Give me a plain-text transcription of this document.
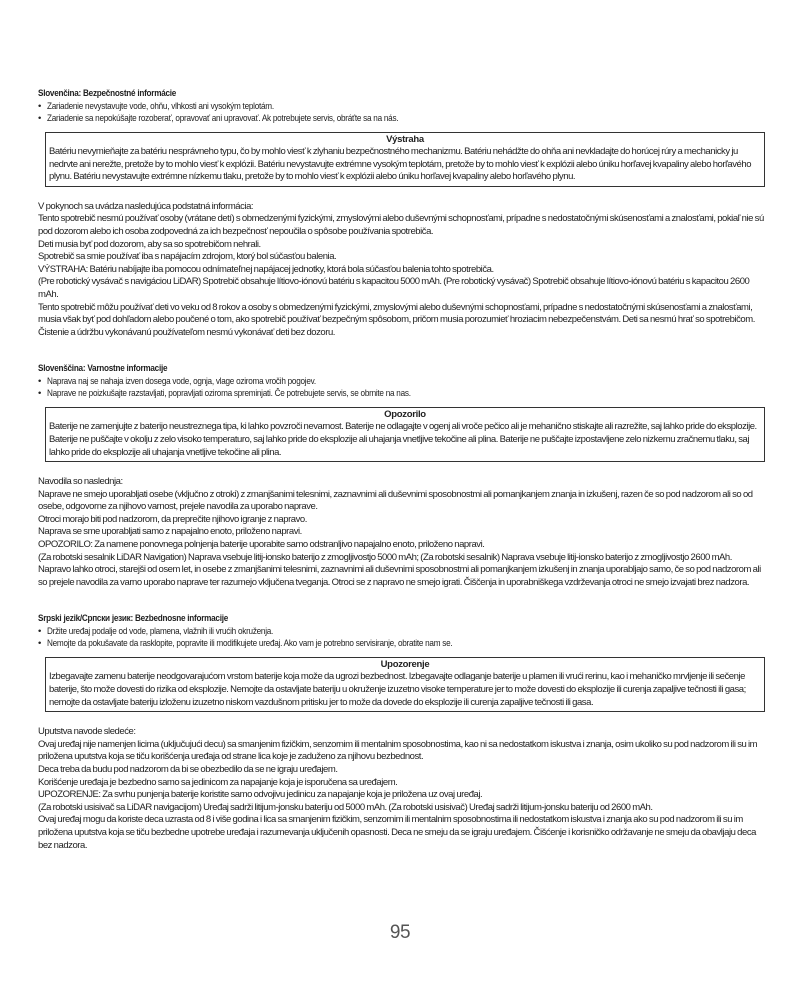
Slovenčina: Bezpečnostné informácie
• Zariadenie nevystavujte vode, ohňu, vlhkosti ani vysokým teplotám.
• Zariadenie sa nepokúšajte rozoberať, opravovať ani upravovať. Ak potrebujete servis, obráťte sa na nás.
Výstraha
Batériu nevymieňajte za batériu nesprávneho typu, čo by mohlo viesť k zlyhaniu bezpečnostného mechanizmu. Batériu nehádžte do ohňa ani nevkladajte do horúcej rúry a mechanicky ju nedrvte ani nerežte, pretože by to mohlo viesť k explózii. Batériu nevystavujte extrémne vysokým teplotám, pretože by to mohlo viesť k explózii alebo úniku horľavej kvapaliny alebo horľavého plynu. Batériu nevystavujte extrémne nízkemu tlaku, pretože by to mohlo viesť k explózii alebo úniku horľavej kvapaliny alebo horľavého plynu.

V pokynoch sa uvádza nasledujúca podstatná informácia:

Tento spotrebič nesmú používať osoby (vrátane detí) s obmedzenými fyzickými, zmyslovými alebo duševnými schopnosťami, prípadne s nedostatočnými skúsenosťami a znalosťami, pokiaľ nie sú pod dozorom alebo ich osoba zodpovedná za ich bezpečnosť nepoučila o spôsobe používania spotrebiča.

Deti musia byť pod dozorom, aby sa so spotrebičom nehrali.

Spotrebič sa smie používať iba s napájacím zdrojom, ktorý bol súčasťou balenia.

VÝSTRAHA: Batériu nabíjajte iba pomocou odnímateľnej napájacej jednotky, ktorá bola súčasťou balenia tohto spotrebiča.

(Pre robotický vysávač s navigáciou LiDAR) Spotrebič obsahuje lítiovo-iónovú batériu s kapacitou 5000 mAh. (Pre robotický vysávač) Spotrebič obsahuje lítiovo-iónovú batériu s kapacitou 2600 mAh.

Tento spotrebič môžu používať deti vo veku od 8 rokov a osoby s obmedzenými fyzickými, zmyslovými alebo duševnými schopnosťami, prípadne s nedostatočnými skúsenosťami a znalosťami, musia však byť pod dohľadom alebo poučené o tom, ako spotrebič používať bezpečným spôsobom, pričom musia porozumieť hroziacim nebezpečenstvám. Deti sa nesmú hrať so spotrebičom. Čistenie a údržbu vykonávanú používateľom nesmú vykonávať deti bez dozoru.

Slovenščina: Varnostne informacije
• Naprava naj se nahaja izven dosega vode, ognja, vlage oziroma vročih pogojev.
• Naprave ne poizkušajte razstavljati, popravljati oziroma spreminjati. Če potrebujete servis, se obrnite na nas.
Opozorilo
Baterije ne zamenjujte z baterijo neustreznega tipa, ki lahko povzroči nevarnost. Baterije ne odlagajte v ogenj ali vroče pečico ali je mehanično stiskajte ali razrežite, saj lahko pride do eksplozije. Baterije ne puščajte v okolju z zelo visoko temperaturo, saj lahko pride do eksplozije ali uhajanja vnetljive tekočine ali plina. Baterije ne puščajte izpostavljene zelo nizkemu zračnemu tlaku, saj lahko pride do eksplozije ali uhajanja vnetljive tekočine ali plina.

Navodila so naslednja:

Naprave ne smejo uporabljati osebe (vključno z otroki) z zmanjšanimi telesnimi, zaznavnimi ali duševnimi sposobnostmi ali pomanjkanjem znanja in izkušenj, razen če so pod nadzorom ali so od osebe, odgovorne za njihovo varnost, prejele navodila za uporabo naprave.

Otroci morajo biti pod nadzorom, da preprečite njihovo igranje z napravo.

Naprava se sme uporabljati samo z napajalno enoto, priloženo napravi.

OPOZORILO: Za namene ponovnega polnjenja baterije uporabite samo odstranljivo napajalno enoto, priloženo napravi.

(Za robotski sesalnik LiDAR Navigation) Naprava vsebuje litij-ionsko baterijo z zmogljivostjo 5000 mAh; (Za robotski sesalnik) Naprava vsebuje litij-ionsko baterijo z zmogljivostjo 2600 mAh.

Napravo lahko otroci, starejši od osem let, in osebe z zmanjšanimi telesnimi, zaznavnimi ali duševnimi sposobnostmi ali pomanjkanjem izkušenj in znanja uporabljajo samo, če so pod nadzorom ali so prejele navodila za varno uporabo naprave ter razumejo vključena tveganja. Otroci se z napravo ne smejo igrati. Čiščenja in uporabniškega vzdrževanja otroci ne smejo izvajati brez nadzora.

Srpski jezik/Српски језик: Bezbednosne informacije
• Držite uređaj podalje od vode, plamena, vlažnih ili vrućih okruženja.
• Nemojte da pokušavate da rasklopite, popravite ili modifikujete uređaj. Ako vam je potrebno servisiranje, obratite nam se.
Upozorenje
Izbegavajte zamenu baterije neodgovarajućom vrstom baterije koja može da ugrozi bezbednost. Izbegavajte odlaganje baterije u plamen ili vrući rerinu, kao i mehaničko mrvljenje ili sečenje baterije, što može dovesti do rizika od eksplozije. Nemojte da ostavljate bateriju u okruženje izuzetno visoke temperature jer to može dovesti do eksplozije ili curenja zapaljive tečnosti ili gasa; nemojte da ostavljate bateriju izloženu izuzetno niskom vazdušnom pritisku jer to može da dovede do eksplozije ili curenja zapaljive tečnosti ili gasa.

Uputstva navode sledeće:

Ovaj uređaj nije namenjen licima (uključujući decu) sa smanjenim fizičkim, senzornim ili mentalnim sposobnostima, kao ni sa nedostatkom iskustva i znanja, osim ukoliko su pod nadzorom ili su im priložena uputstva koja se tiču korišćenja uređaja od strane lica koje je zaduženo za njihovu bezbednost.

Deca treba da budu pod nadzorom da bi se obezbedilo da se ne igraju uređajem.

Korišćenje uređaja je bezbedno samo sa jedinicom za napajanje koja je isporučena sa uređajem.

UPOZORENJE: Za svrhu punjenja baterije koristite samo odvojivu jedinicu za napajanje koja je priložena uz ovaj uređaj.

(Za robotski usisivač sa LiDAR navigacijom) Uređaj sadrži litijum-jonsku bateriju od 5000 mAh. (Za robotski usisivač) Uređaj sadrži litijum-jonsku bateriju od 2600 mAh.

Ovaj uređaj mogu da koriste deca uzrasta od 8 i više godina i lica sa smanjenim fizičkim, senzornim ili mentalnim sposobnostima ili nedostatkom iskustva i znanja ako su pod nadzorom ili su im priložena uputstva koja se tiču bezbedne upotrebe uređaja i razumevanja uključenih opasnosti. Deca ne smeju da se igraju uređajem. Čišćenje i korisničko održavanje ne smeju da obavljaju deca bez nadzora.

95
